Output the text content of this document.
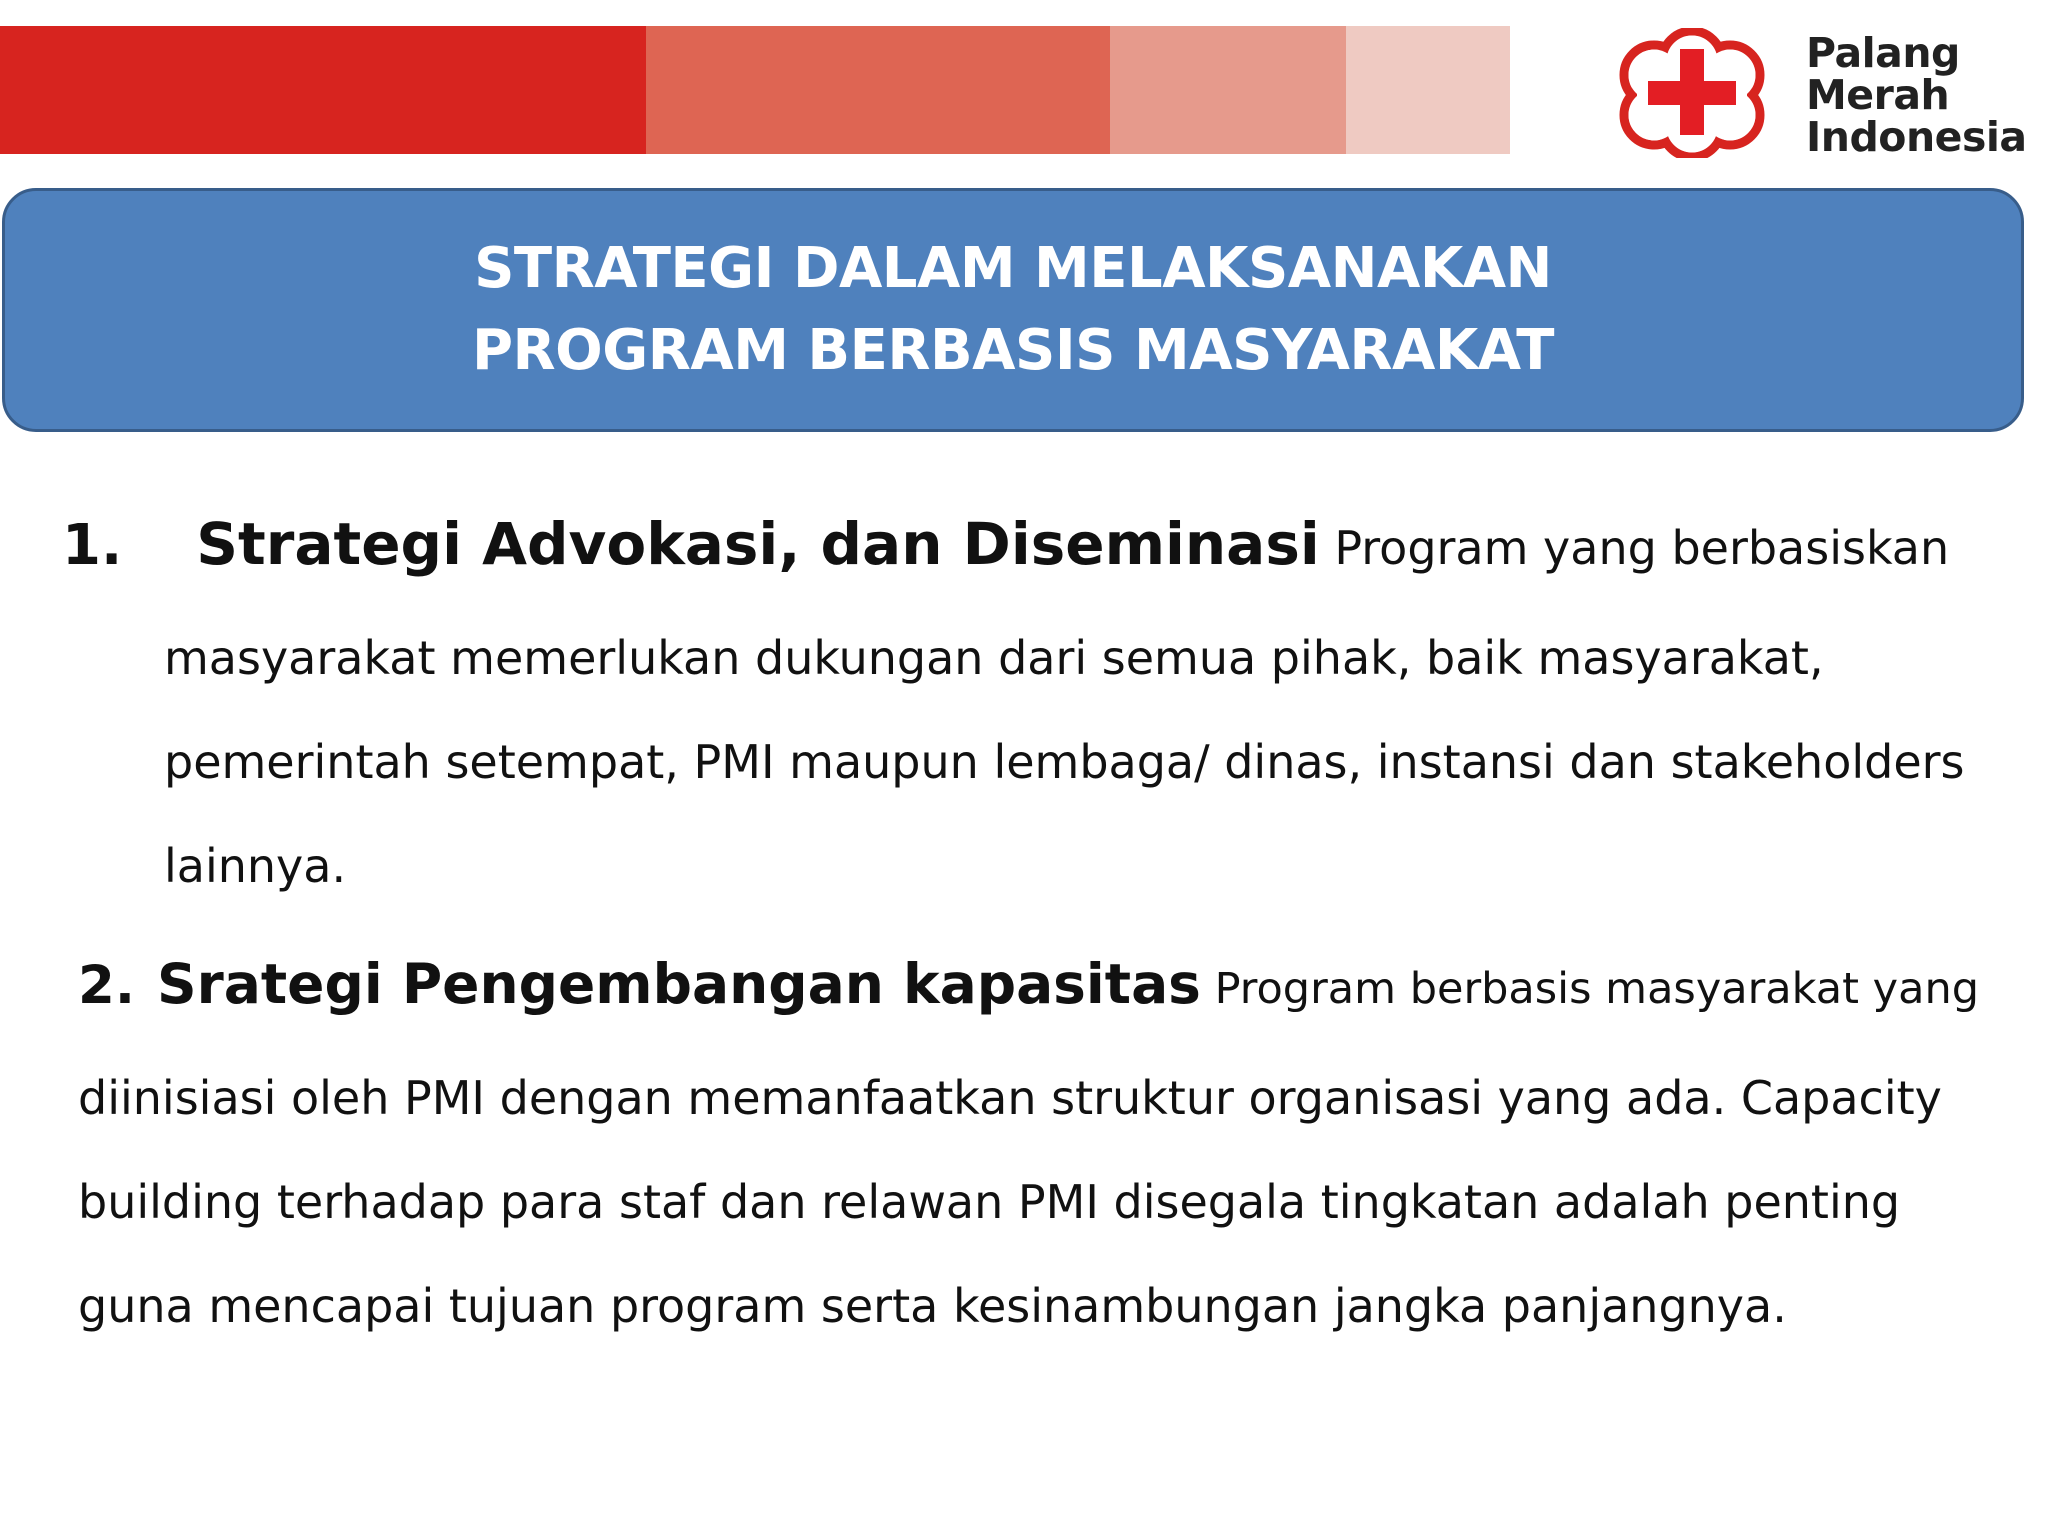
Palang
Merah
Indonesia
STRATEGI DALAM MELAKSANAKAN
PROGRAM BERBASIS MASYARAKAT
1. Strategi Advokasi, dan Diseminasi Program yang berbasiskan
masyarakat memerlukan dukungan dari semua pihak, baik masyarakat,
pemerintah setempat, PMI maupun lembaga/ dinas, instansi dan stakeholders
lainnya.
2. Srategi Pengembangan kapasitas Program berbasis masyarakat yang
diinisiasi oleh PMI dengan memanfaatkan struktur organisasi yang ada. Capacity
building terhadap para staf dan relawan PMI disegala tingkatan adalah penting
guna mencapai tujuan program serta kesinambungan jangka panjangnya.
